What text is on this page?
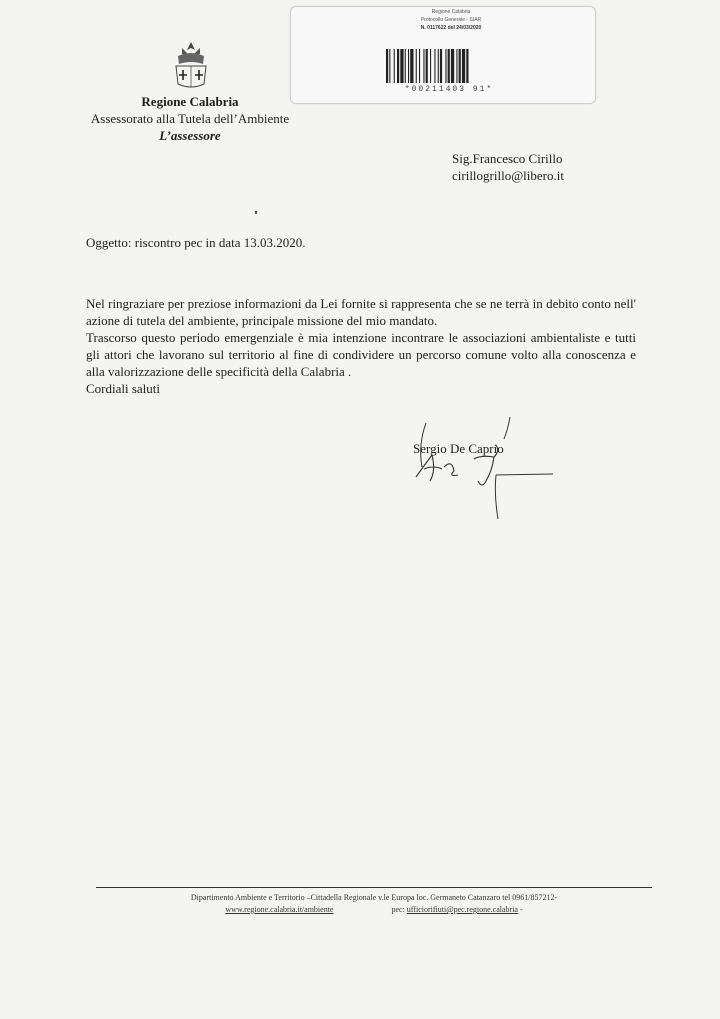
Regione Calabria
Protocollo Generale - SIAR
N. 0117622 del 24/03/2020
*00211403 91*
Regione Calabria
Assessorato alla Tutela dell’Ambiente
L’assessore
Sig.Francesco Cirillo
cirillogrillo@libero.it
Oggetto: riscontro pec in data 13.03.2020.

Nel ringraziare per preziose informazioni da Lei fornite si rappresenta che se ne terrà in debito conto nell' azione di tutela del ambiente, principale missione del mio mandato.

Trascorso questo periodo emergenziale è mia intenzione incontrare le associazioni ambientaliste e tutti gli attori che lavorano sul territorio al fine di condividere un percorso comune volto alla conoscenza e alla valorizzazione delle specificità della Calabria .

Cordiali saluti

Sergio De Caprio
Dipartimento Ambiente e Territorio –Cittadella Regionale v.le Europa loc. Germaneto Catanzaro tel 0961/857212-
www.regione.calabria.it/ambiente	pec: ufficiorifiuti@pec.regione.calabria -
